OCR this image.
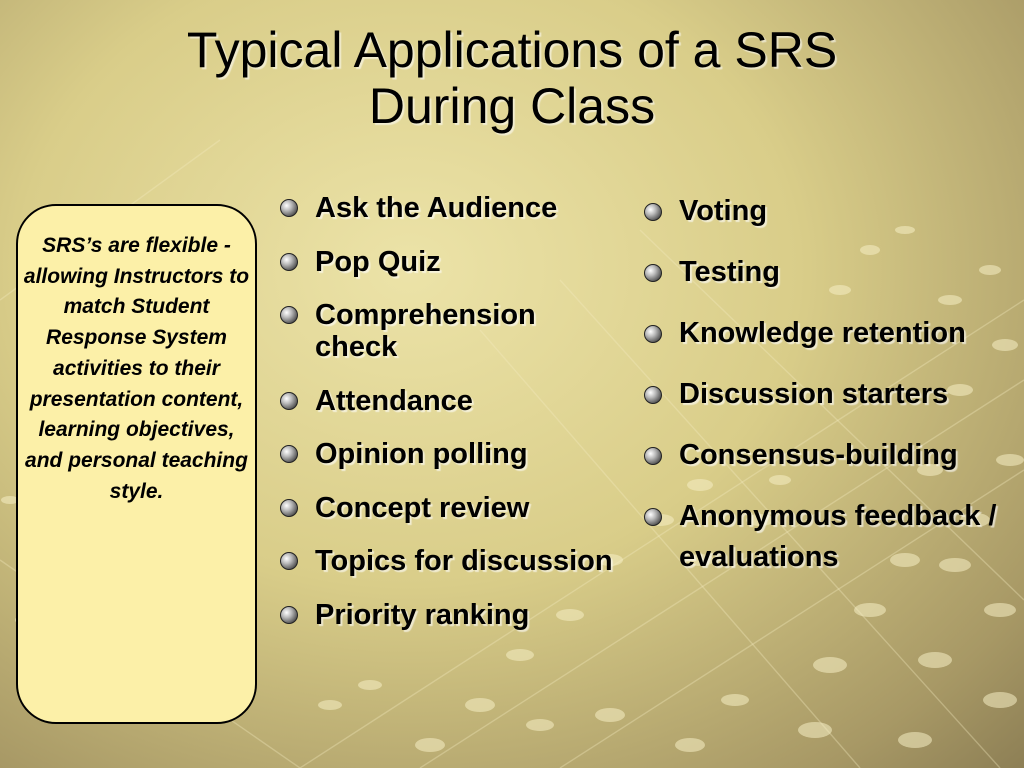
Typical Applications of a SRS
During Class

SRS’s are flexible - allowing Instructors to match Student Response System activities to their presentation content, learning objectives, and personal teaching style.

Ask the Audience
Pop Quiz
Comprehension check
Attendance
Opinion polling
Concept review
Topics for discussion
Priority ranking
Voting
Testing
Knowledge retention
Discussion starters
Consensus-building
Anonymous feedback / evaluations
